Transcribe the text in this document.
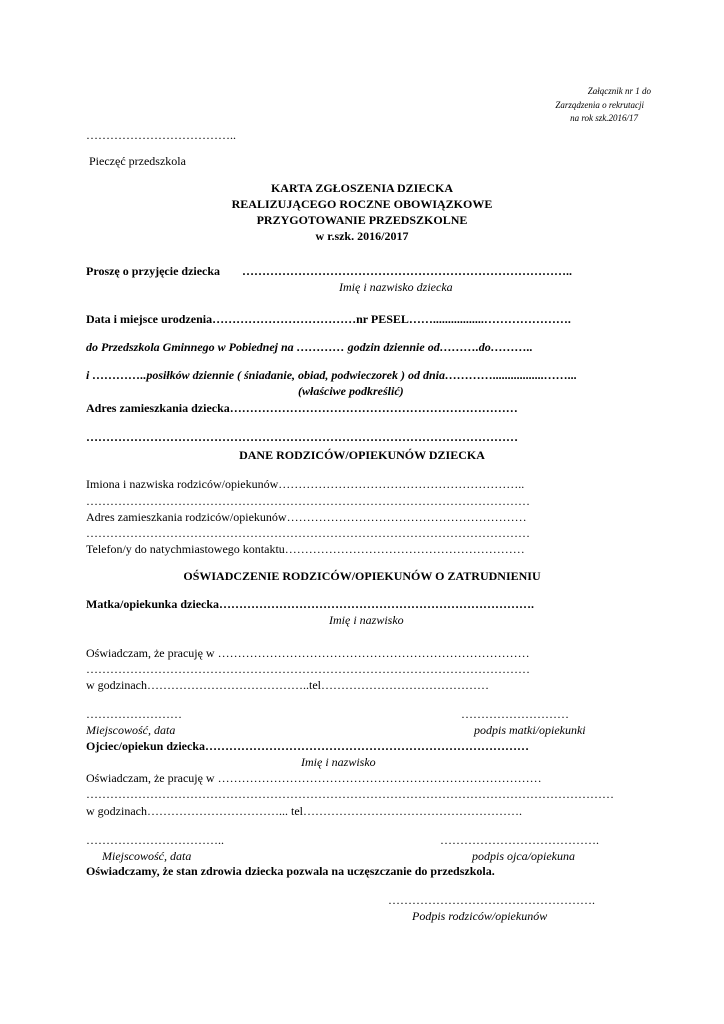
Załącznik nr 1 do
Zarządzenia o rekrutacji
na rok szk.2016/17
………………………………..
Pieczęć przedszkola
KARTA ZGŁOSZENIA DZIECKA
REALIZUJĄCEGO ROCZNE OBOWIĄZKOWE
PRZYGOTOWANIE PRZEDSZKOLNE
w r.szk. 2016/2017
Proszę o przyjęcie dziecka ………………………………………………………………………..
Imię i nazwisko dziecka
Data i miejsce urodzenia………………………………nr PESEL…….................………………….
do Przedszkola Gminnego w Pobiednej na ………… godzin dziennie od……….do………..
i …………..posiłków dziennie ( śniadanie, obiad, podwieczorek ) od dnia………….................……...
(właściwe podkreślić)
Adres zamieszkania dziecka………………………………………………………………
………………………………………………………………………………………………
DANE RODZICÓW/OPIEKUNÓW DZIECKA
Imiona i nazwiska rodziców/opiekunów……………………………………………………..
…………………………………………………………………………………………………
Adres zamieszkania rodziców/opiekunów……………………………………………………
…………………………………………………………………………………………………
Telefon/y do natychmiastowego kontaktu……………………………………………………
OŚWIADCZENIE RODZICÓW/OPIEKUNÓW O ZATRUDNIENIU
Matka/opiekunka dziecka…………………………………………………………………….
Imię i nazwisko
Oświadczam, że pracuję w ……………………………………………………………………
…………………………………………………………………………………………………
w godzinach…………………………………..tel……………………………………
……………………	………………………
Miejscowość, data	podpis matki/opiekunki
Ojciec/opiekun dziecka………………………………………………………………………
Imię i nazwisko
Oświadczam, że pracuję w ………………………………………………………………………
……………………………………………………………………………………………………………………
w godzinach……………………………... tel……………………………………………….
……………………………..	………………………………….
Miejscowość, data	podpis ojca/opiekuna
Oświadczamy, że stan zdrowia dziecka pozwala na uczęszczanie do przedszkola.
…………………………………………….
Podpis rodziców/opiekunów
